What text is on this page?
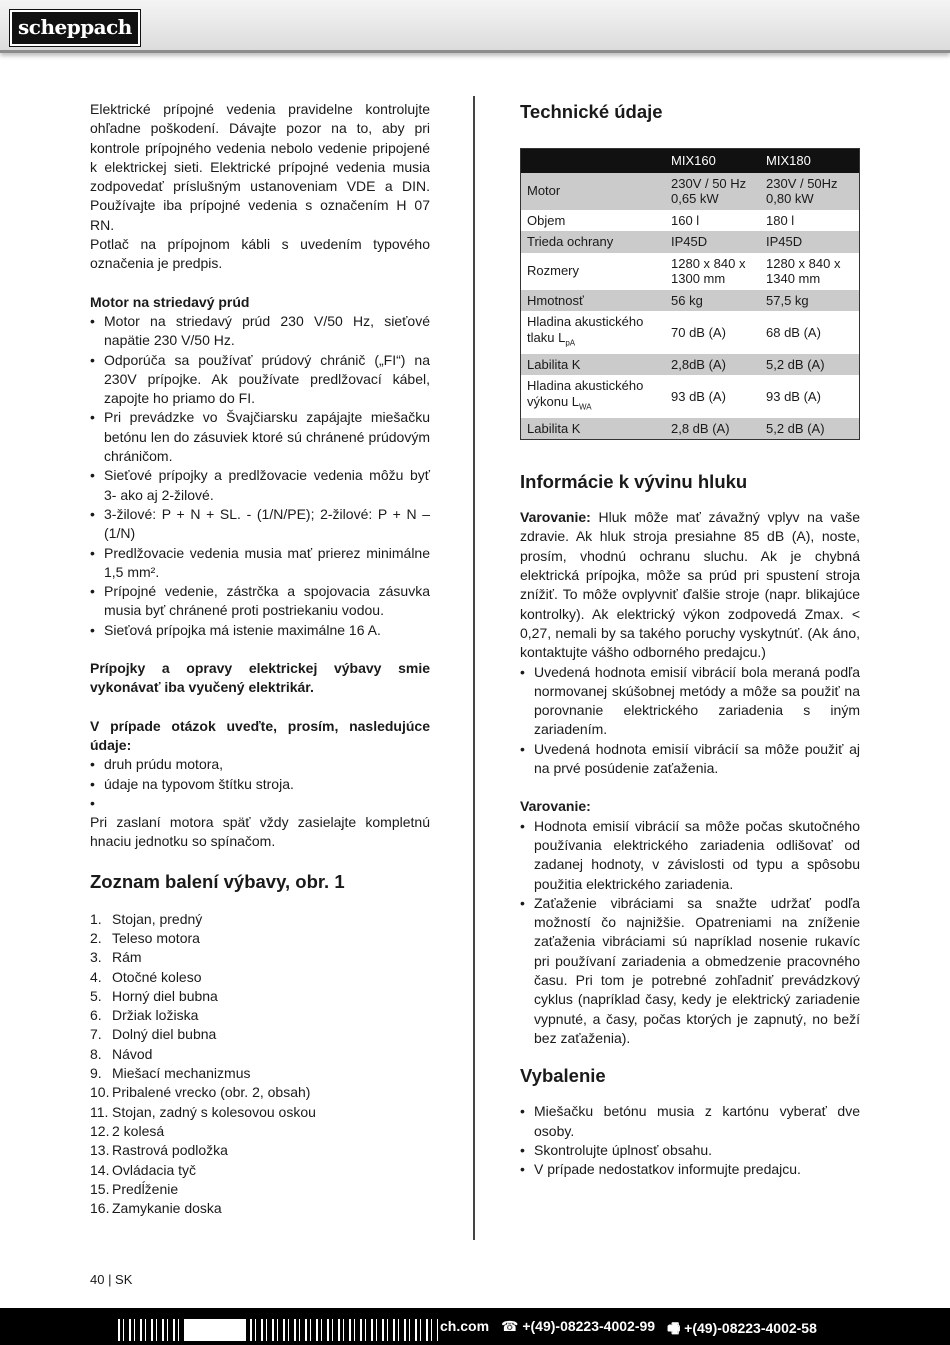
scheppach

Elektrické prípojné vedenia pravidelne kontrolujte ohľadne poškodení. Dávajte pozor na to, aby pri kontrole prípojného vedenia nebolo vedenie pripojené k elektrickej sieti. Elektrické prípojné vedenia musia zodpovedať príslušným ustanoveniam VDE a DIN. Používajte iba prípojné vedenia s označením H 07 RN.

Potlač na prípojnom kábli s uvedením typového označenia je predpis.

Motor na striedavý prúd

• Motor na striedavý prúd 230 V/50 Hz, sieťové napätie 230 V/50 Hz.
• Odporúča sa používať prúdový chránič („FI“) na 230V prípojke. Ak používate predlžovací kábel, zapojte ho priamo do FI.
• Pri prevádzke vo Švajčiarsku zapájajte miešačku betónu len do zásuviek ktoré sú chránené prúdovým chráničom.
• Sieťové prípojky a predlžovacie vedenia môžu byť 3- ako aj 2-žilové.
• 3-žilové: P + N + SL. - (1/N/PE); 2-žilové: P + N – (1/N)
• Predlžovacie vedenia musia mať prierez minimálne 1,5 mm².
• Prípojné vedenie, zástrčka a spojovacia zásuvka musia byť chránené proti postriekaniu vodou.
• Sieťová prípojka má istenie maximálne 16 A.

Prípojky a opravy elektrickej výbavy smie vykonávať iba vyučený elektrikár.

V prípade otázok uveďte, prosím, nasledujúce údaje:

• druh prúdu motora,
• údaje na typovom štítku stroja.
•

Pri zaslaní motora späť vždy zasielajte kompletnú hnaciu jednotku so spínačom.

Zoznam balení výbavy, obr. 1
1. Stojan, predný
2. Teleso motora
3. Rám
4. Otočné koleso
5. Horný diel bubna
6. Držiak ložiska
7. Dolný diel bubna
8. Návod
9. Miešací mechanizmus
10. Pribalené vrecko (obr. 2, obsah)
11. Stojan, zadný s kolesovou oskou
12. 2 kolesá
13. Rastrová podložka
14. Ovládacia tyč
15. Predĺženie
16. Zamykanie doska
Technické údaje
	MIX160	MIX180
Motor	230V / 50 Hz 0,65 kW	230V / 50Hz 0,80 kW
Objem	160 l	180 l
Trieda ochrany	IP45D	IP45D
Rozmery	1280 x 840 x 1300 mm	1280 x 840 x 1340 mm
Hmotnosť	56 kg	57,5 kg
Hladina akustického tlaku $L_{pA}$	70 dB (A)	68 dB (A)
Labilita K	2,8dB (A)	5,2 dB (A)
Hladina akustického výkonu $L_{WA}$	93 dB (A)	93 dB (A)
Labilita K	2,8 dB (A)	5,2 dB (A)
Informácie k vývinu hluku

Varovanie: Hluk môže mať závažný vplyv na vaše zdravie. Ak hluk stroja presiahne 85 dB (A), noste, prosím, vhodnú ochranu sluchu. Ak je chybná elektrická prípojka, môže sa prúd pri spustení stroja znížiť. To môže ovplyvniť ďalšie stroje (napr. blikajúce kontrolky). Ak elektrický výkon zodpovedá Zmax. < 0,27, nemali by sa takého poruchy vyskytnúť. (Ak áno, kontaktujte vášho odborného predajcu.)

• Uvedená hodnota emisií vibrácií bola meraná podľa normovanej skúšobnej metódy a môže sa použiť na porovnanie elektrického zariadenia s iným zariadením.
• Uvedená hodnota emisií vibrácií sa môže použiť aj na prvé posúdenie zaťaženia.

Varovanie:

• Hodnota emisií vibrácií sa môže počas skutočného používania elektrického zariadenia odlišovať od zadanej hodnoty, v závislosti od typu a spôsobu použitia elektrického zariadenia.
• Zaťaženie vibráciami sa snažte udržať podľa možností čo najnižšie. Opatreniami na zníženie zaťaženia vibráciami sú napríklad nosenie rukavíc pri používaní zariadenia a obmedzenie pracovného času. Pri tom je potrebné zohľadniť prevádzkový cyklus (napríklad časy, kedy je elektrický zariadenie vypnuté, a časy, počas ktorých je zapnutý, no beží bez zaťaženia).
Vybalenie
• Miešačku betónu musia z kartónu vyberať dve osoby.
• Skontrolujte úplnosť obsahu.
• V prípade nedostatkov informujte predajcu.
40 | SK
ch.com ☎ +(49)-08223-4002-99 🖷 +(49)-08223-4002-58
